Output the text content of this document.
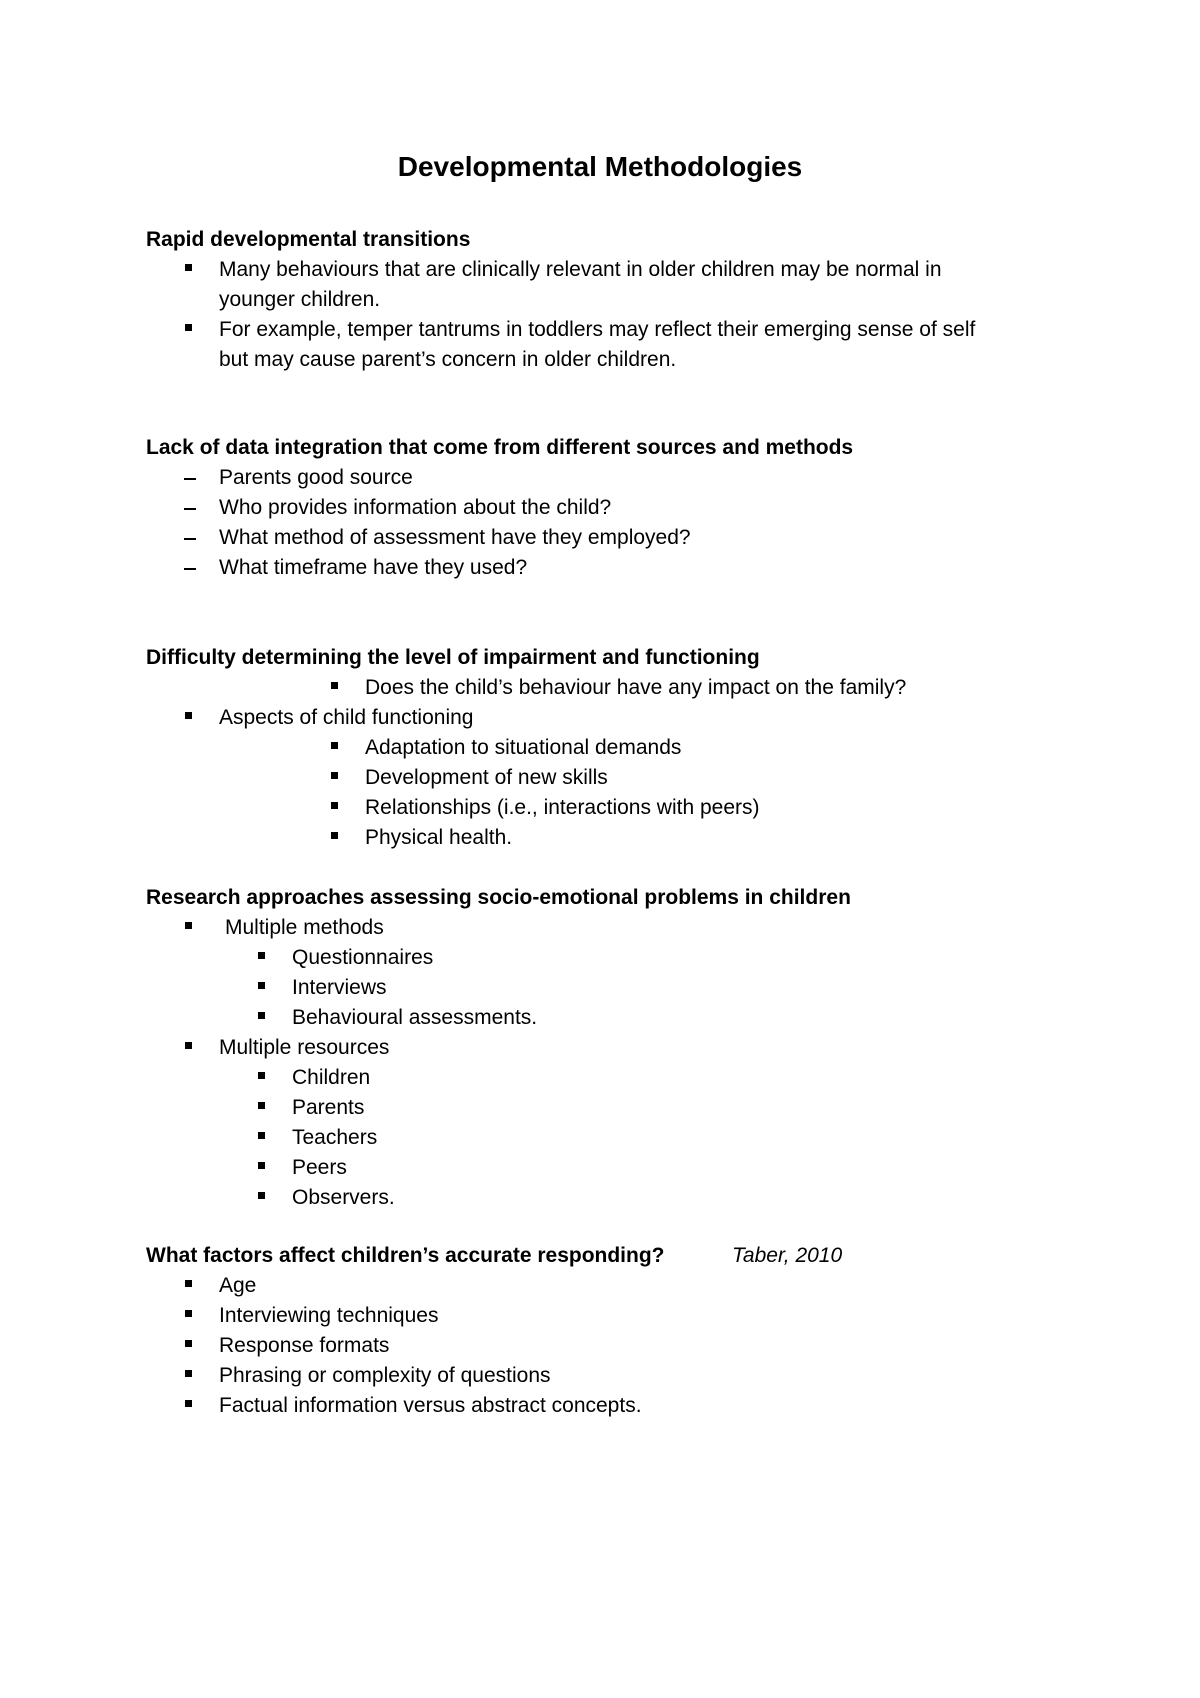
Developmental Methodologies
Rapid developmental transitions
Many behaviours that are clinically relevant in older children may be normal in
younger children.
For example, temper tantrums in toddlers may reflect their emerging sense of self
but may cause parent’s concern in older children.
Lack of data integration that come from different sources and methods
Parents good source
Who provides information about the child?
What method of assessment have they employed?
What timeframe have they used?
Difficulty determining the level of impairment and functioning
Does the child’s behaviour have any impact on the family?
Aspects of child functioning
Adaptation to situational demands
Development of new skills
Relationships (i.e., interactions with peers)
Physical health.
Research approaches assessing socio-emotional problems in children
Multiple methods
Questionnaires
Interviews
Behavioural assessments.
Multiple resources
Children
Parents
Teachers
Peers
Observers.
What factors affect children’s accurate responding?	Taber, 2010
Age
Interviewing techniques
Response formats
Phrasing or complexity of questions
Factual information versus abstract concepts.
